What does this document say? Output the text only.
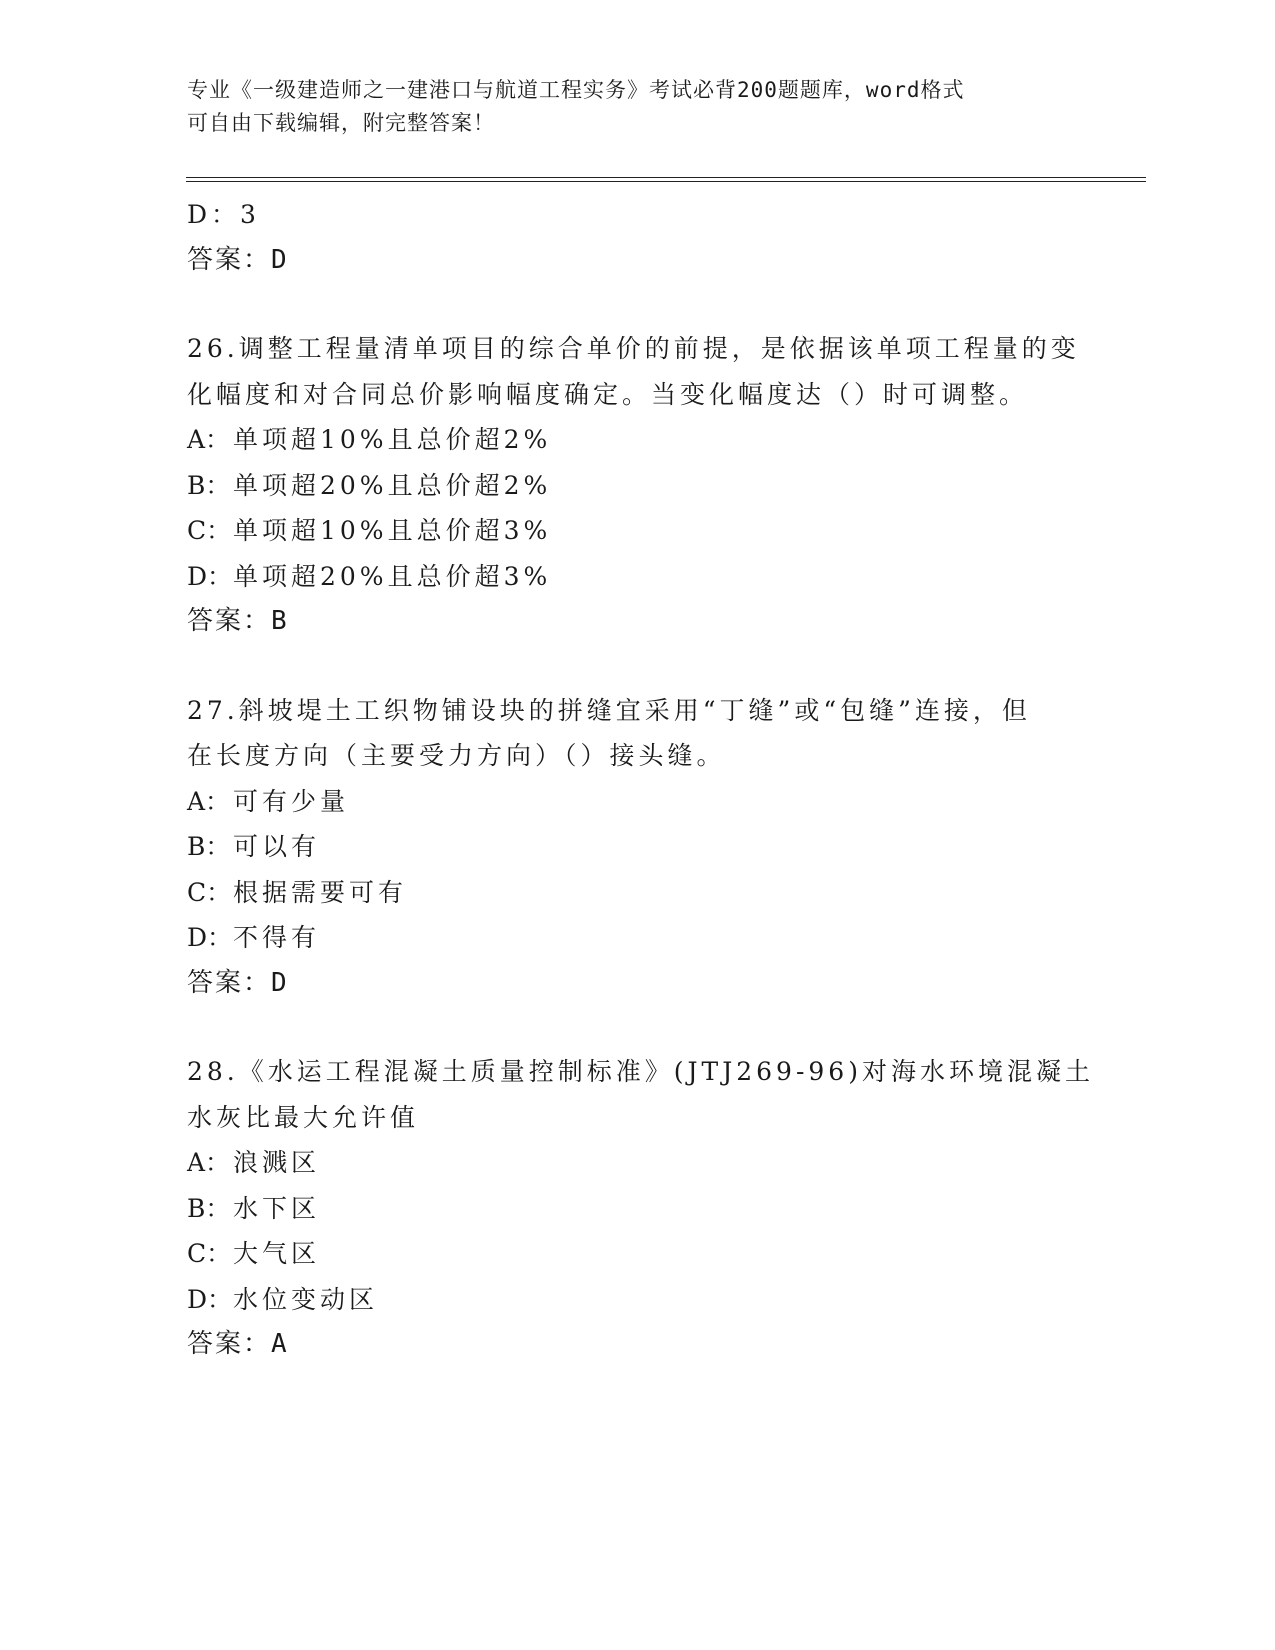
专业《一级建造师之一建港口与航道工程实务》考试必背200题题库，word格式
可自由下载编辑，附完整答案！
D：3
答案：D
26.调整工程量清单项目的综合单价的前提，是依据该单项工程量的变
化幅度和对合同总价影响幅度确定。当变化幅度达（）时可调整。
A： 单项超10%且总价超2%
B： 单项超20%且总价超2%
C：单项超10%且总价超3%
D：单项超20%且总价超3%
答案：B
27.斜坡堤土工织物铺设块的拼缝宜采用“丁缝”或“包缝”连接，但
在长度方向（主要受力方向）（）接头缝。
A： 可有少量
B： 可以有
C：根据需要可有
D：不得有
答案：D
28.《水运工程混凝土质量控制标准》(JTJ269-96)对海水环境混凝土
水灰比最大允许值
A： 浪溅区
B： 水下区
C：大气区
D：水位变动区
答案：A
